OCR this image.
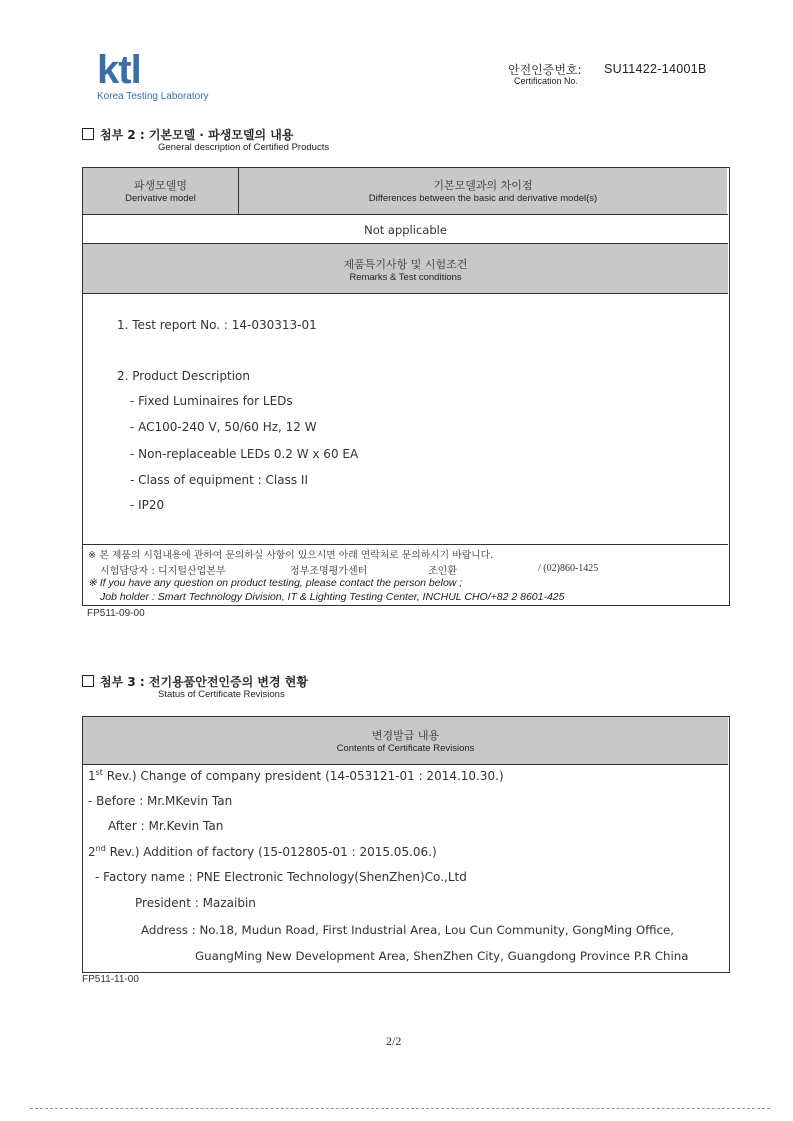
ktl
Korea Testing Laboratory
안전인증번호:
Certification No.
SU11422-14001B
첨부 2 : 기본모델 · 파생모델의 내용
General description of Certified Products
파생모델명
Derivative model
기본모델과의 차이점
Differences between the basic and derivative model(s)
Not applicable
제품특기사항 및 시험조건
Remarks & Test conditions
1. Test report No. : 14-030313-01
2. Product Description
- Fixed Luminaires for LEDs
- AC100-240 V, 50/60 Hz, 12 W
- Non-replaceable LEDs 0.2 W x 60 EA
- Class of equipment : Class II
- IP20
※ 본 제품의 시험내용에 관하여 문의하실 사항이 있으시면 아래 연락처로 문의하시기 바랍니다.
시험담당자 : 디지털산업본부	정부조명평가센터	조인환	/ (02)860-1425
※ If you have any question on product testing, please contact the person below ;
Job holder : Smart Technology Division, IT & Lighting Testing Center, INCHUL CHO/+82 2 8601-425
FP511-09-00
첨부 3 : 전기용품안전인증의 변경 현황
Status of Certificate Revisions
변경발급 내용
Contents of Certificate Revisions
1st Rev.) Change of company president (14-053121-01 : 2014.10.30.)
- Before : Mr.MKevin Tan
After : Mr.Kevin Tan
2nd Rev.) Addition of factory (15-012805-01 : 2015.05.06.)
- Factory name : PNE Electronic Technology(ShenZhen)Co.,Ltd
President : Mazaibin
Address : No.18, Mudun Road, First Industrial Area, Lou Cun Community, GongMing Office,
GuangMing New Development Area, ShenZhen City, Guangdong Province P.R China
FP511-11-00
2/2
